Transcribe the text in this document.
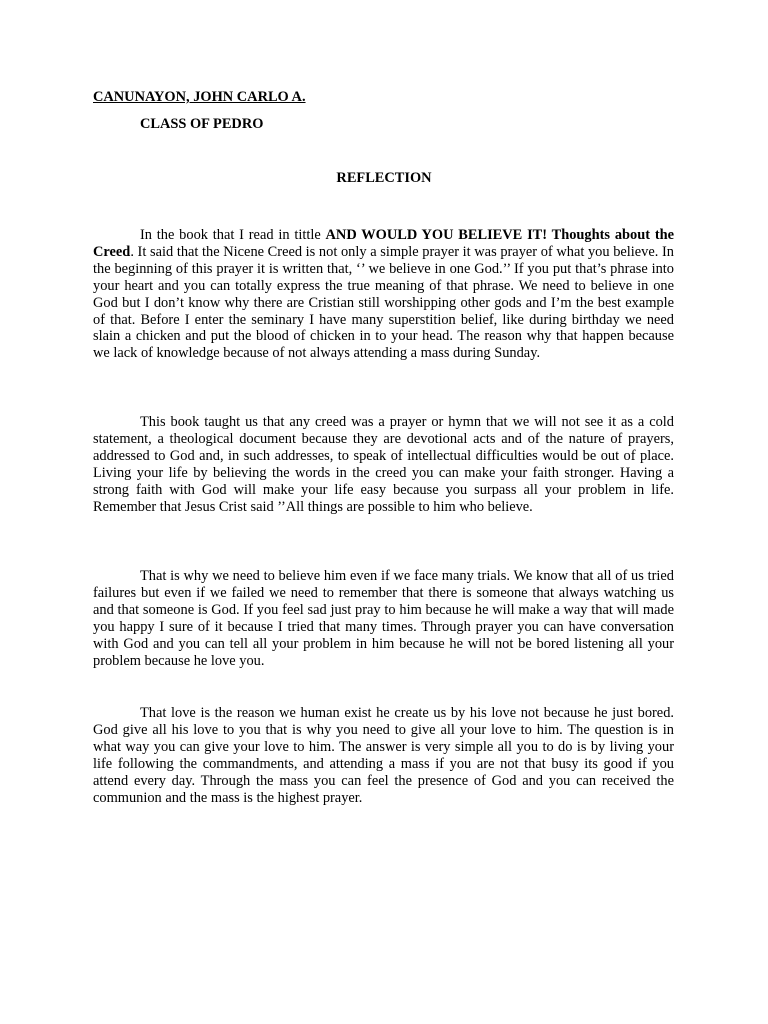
CANUNAYON, JOHN CARLO A.

CLASS OF PEDRO

REFLECTION

In the book that I read in tittle AND WOULD YOU BELIEVE IT! Thoughts about the Creed. It said that the Nicene Creed is not only a simple prayer it was prayer of what you believe. In the beginning of this prayer it is written that, ‘’ we believe in one God.’’ If you put that’s phrase into your heart and you can totally express the true meaning of that phrase. We need to believe in one God but I don’t know why there are Cristian still worshipping other gods and I’m the best example of that. Before I enter the seminary I have many superstition belief, like during birthday we need slain a chicken and put the blood of chicken in to your head. The reason why that happen because we lack of knowledge because of not always attending a mass during Sunday.

This book taught us that any creed was a prayer or hymn that we will not see it as a cold statement, a theological document because they are devotional acts and of the nature of prayers, addressed to God and, in such addresses, to speak of intellectual difficulties would be out of place. Living your life by believing the words in the creed you can make your faith stronger. Having a strong faith with God will make your life easy because you surpass all your problem in life. Remember that Jesus Crist said ’’All things are possible to him who believe.

That is why we need to believe him even if we face many trials. We know that all of us tried failures but even if we failed we need to remember that there is someone that always watching us and that someone is God. If you feel sad just pray to him because he will make a way that will made you happy I sure of it because I tried that many times. Through prayer you can have conversation with God and you can tell all your problem in him because he will not be bored listening all your problem because he love you.

That love is the reason we human exist he create us by his love not because he just bored. God give all his love to you that is why you need to give all your love to him. The question is in what way you can give your love to him. The answer is very simple all you to do is by living your life following the commandments, and attending a mass if you are not that busy its good if you attend every day. Through the mass you can feel the presence of God and you can received the communion and the mass is the highest prayer.
